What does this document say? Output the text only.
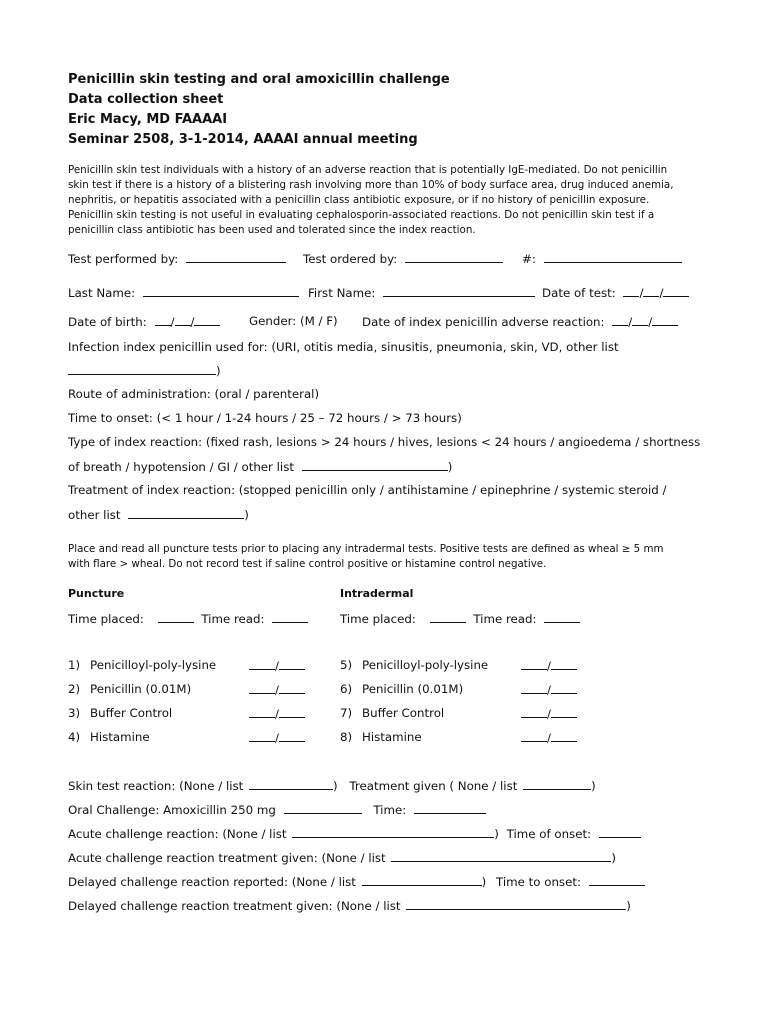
Penicillin skin testing and oral amoxicillin challenge
Data collection sheet
Eric Macy, MD FAAAAI
Seminar 2508, 3-1-2014, AAAAI annual meeting
Penicillin skin test individuals with a history of an adverse reaction that is potentially IgE-mediated. Do not penicillin
skin test if there is a history of a blistering rash involving more than 10% of body surface area, drug induced anemia,
nephritis, or hepatitis associated with a penicillin class antibiotic exposure, or if no history of penicillin exposure.
Penicillin skin testing is not useful in evaluating cephalosporin-associated reactions. Do not penicillin skin test if a
penicillin class antibiotic has been used and tolerated since the index reaction.
Test performed by:	Test ordered by:	#:
Last Name:	First Name:	Date of test: / /
Date of birth: / /	Gender: (M / F) Date of index penicillin adverse reaction: / /
Infection index penicillin used for: (URI, otitis media, sinusitis, pneumonia, skin, VD, other list
)
Route of administration: (oral / parenteral)
Time to onset: (< 1 hour / 1-24 hours / 25 – 72 hours / > 73 hours)
Type of index reaction: (fixed rash, lesions > 24 hours / hives, lesions < 24 hours / angioedema / shortness
of breath / hypotension / GI / other list	)
Treatment of index reaction: (stopped penicillin only / antihistamine / epinephrine / systemic steroid /
other list	)
Place and read all puncture tests prior to placing any intradermal tests. Positive tests are defined as wheal ≥ 5 mm
with flare > wheal. Do not record test if saline control positive or histamine control negative.
Puncture
Time placed:	Time read:
1) Penicilloyl-poly-lysine	/
2) Penicillin (0.01M)	/
3) Buffer Control	/
4) Histamine	/
Intradermal
Time placed:	Time read:
5) Penicilloyl-poly-lysine	/
6) Penicillin (0.01M)	/
7) Buffer Control	/
8) Histamine	/
Skin test reaction: (None / list	) Treatment given ( None / list	)
Oral Challenge: Amoxicillin 250 mg	Time:
Acute challenge reaction: (None / list	) Time of onset:
Acute challenge reaction treatment given: (None / list	)
Delayed challenge reaction reported: (None / list	) Time to onset:
Delayed challenge reaction treatment given: (None / list	)
